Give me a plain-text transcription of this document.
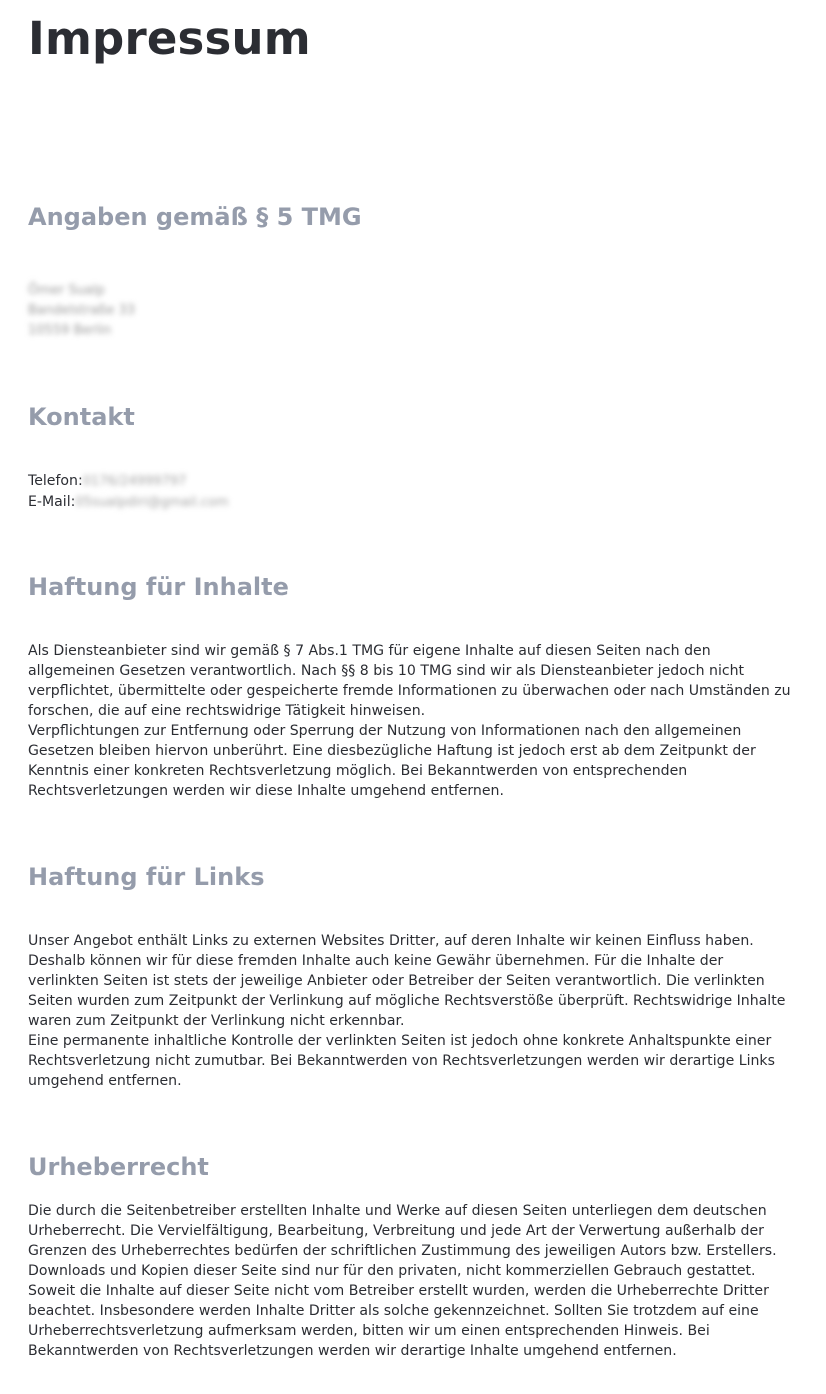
Impressum
Angaben gemäß § 5 TMG
Ömer Sualp
Bandelstraße 33
10559 Berlin
Kontakt
Telefon:0176/24999797
E-Mail:05sualpdiri@gmail.com
Haftung für Inhalte

Als Diensteanbieter sind wir gemäß § 7 Abs.1 TMG für eigene Inhalte auf diesen Seiten nach den allgemeinen Gesetzen verantwortlich. Nach §§ 8 bis 10 TMG sind wir als Diensteanbieter jedoch nicht verpflichtet, übermittelte oder gespeicherte fremde Informationen zu überwachen oder nach Umständen zu forschen, die auf eine rechtswidrige Tätigkeit hinweisen.

Verpflichtungen zur Entfernung oder Sperrung der Nutzung von Informationen nach den allgemeinen Gesetzen bleiben hiervon unberührt. Eine diesbezügliche Haftung ist jedoch erst ab dem Zeitpunkt der Kenntnis einer konkreten Rechtsverletzung möglich. Bei Bekanntwerden von entsprechenden Rechtsverletzungen werden wir diese Inhalte umgehend entfernen.

Haftung für Links

Unser Angebot enthält Links zu externen Websites Dritter, auf deren Inhalte wir keinen Einfluss haben. Deshalb können wir für diese fremden Inhalte auch keine Gewähr übernehmen. Für die Inhalte der verlinkten Seiten ist stets der jeweilige Anbieter oder Betreiber der Seiten verantwortlich. Die verlinkten Seiten wurden zum Zeitpunkt der Verlinkung auf mögliche Rechtsverstöße überprüft. Rechtswidrige Inhalte waren zum Zeitpunkt der Verlinkung nicht erkennbar.

Eine permanente inhaltliche Kontrolle der verlinkten Seiten ist jedoch ohne konkrete Anhaltspunkte einer Rechtsverletzung nicht zumutbar. Bei Bekanntwerden von Rechtsverletzungen werden wir derartige Links umgehend entfernen.

Urheberrecht

Die durch die Seitenbetreiber erstellten Inhalte und Werke auf diesen Seiten unterliegen dem deutschen Urheberrecht. Die Vervielfältigung, Bearbeitung, Verbreitung und jede Art der Verwertung außerhalb der Grenzen des Urheberrechtes bedürfen der schriftlichen Zustimmung des jeweiligen Autors bzw. Erstellers. Downloads und Kopien dieser Seite sind nur für den privaten, nicht kommerziellen Gebrauch gestattet.

Soweit die Inhalte auf dieser Seite nicht vom Betreiber erstellt wurden, werden die Urheberrechte Dritter beachtet. Insbesondere werden Inhalte Dritter als solche gekennzeichnet. Sollten Sie trotzdem auf eine Urheberrechtsverletzung aufmerksam werden, bitten wir um einen entsprechenden Hinweis. Bei Bekanntwerden von Rechtsverletzungen werden wir derartige Inhalte umgehend entfernen.
